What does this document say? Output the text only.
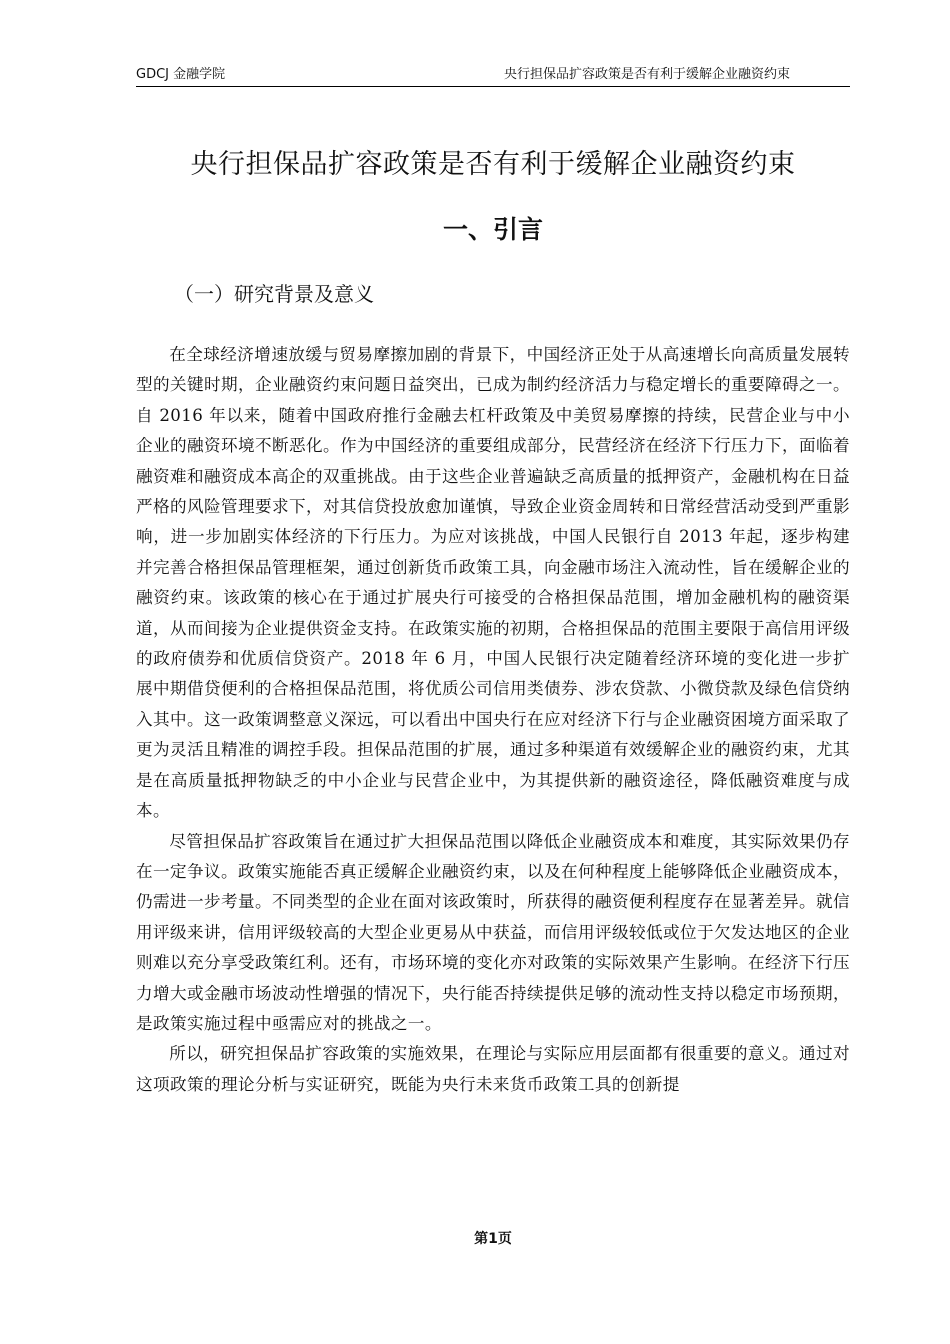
GDCJ 金融学院	央行担保品扩容政策是否有利于缓解企业融资约束
央行担保品扩容政策是否有利于缓解企业融资约束
一、引言
（一）研究背景及意义

在全球经济增速放缓与贸易摩擦加剧的背景下，中国经济正处于从高速增长向高质量发展转型的关键时期，企业融资约束问题日益突出，已成为制约经济活力与稳定增长的重要障碍之一。自 2016 年以来，随着中国政府推行金融去杠杆政策及中美贸易摩擦的持续，民营企业与中小企业的融资环境不断恶化。作为中国经济的重要组成部分，民营经济在经济下行压力下，面临着融资难和融资成本高企的双重挑战。由于这些企业普遍缺乏高质量的抵押资产，金融机构在日益严格的风险管理要求下，对其信贷投放愈加谨慎，导致企业资金周转和日常经营活动受到严重影响，进一步加剧实体经济的下行压力。为应对该挑战，中国人民银行自 2013 年起，逐步构建并完善合格担保品管理框架，通过创新货币政策工具，向金融市场注入流动性，旨在缓解企业的融资约束。该政策的核心在于通过扩展央行可接受的合格担保品范围，增加金融机构的融资渠道，从而间接为企业提供资金支持。在政策实施的初期，合格担保品的范围主要限于高信用评级的政府债券和优质信贷资产。2018 年 6 月，中国人民银行决定随着经济环境的变化进一步扩展中期借贷便利的合格担保品范围，将优质公司信用类债券、涉农贷款、小微贷款及绿色信贷纳入其中。这一政策调整意义深远，可以看出中国央行在应对经济下行与企业融资困境方面采取了更为灵活且精准的调控手段。担保品范围的扩展，通过多种渠道有效缓解企业的融资约束，尤其是在高质量抵押物缺乏的中小企业与民营企业中，为其提供新的融资途径，降低融资难度与成本。

尽管担保品扩容政策旨在通过扩大担保品范围以降低企业融资成本和难度，其实际效果仍存在一定争议。政策实施能否真正缓解企业融资约束，以及在何种程度上能够降低企业融资成本，仍需进一步考量。不同类型的企业在面对该政策时，所获得的融资便利程度存在显著差异。就信用评级来讲，信用评级较高的大型企业更易从中获益，而信用评级较低或位于欠发达地区的企业则难以充分享受政策红利。还有，市场环境的变化亦对政策的实际效果产生影响。在经济下行压力增大或金融市场波动性增强的情况下，央行能否持续提供足够的流动性支持以稳定市场预期，是政策实施过程中亟需应对的挑战之一。

所以，研究担保品扩容政策的实施效果，在理论与实际应用层面都有很重要的意义。通过对这项政策的理论分析与实证研究，既能为央行未来货币政策工具的创新提

第1页
